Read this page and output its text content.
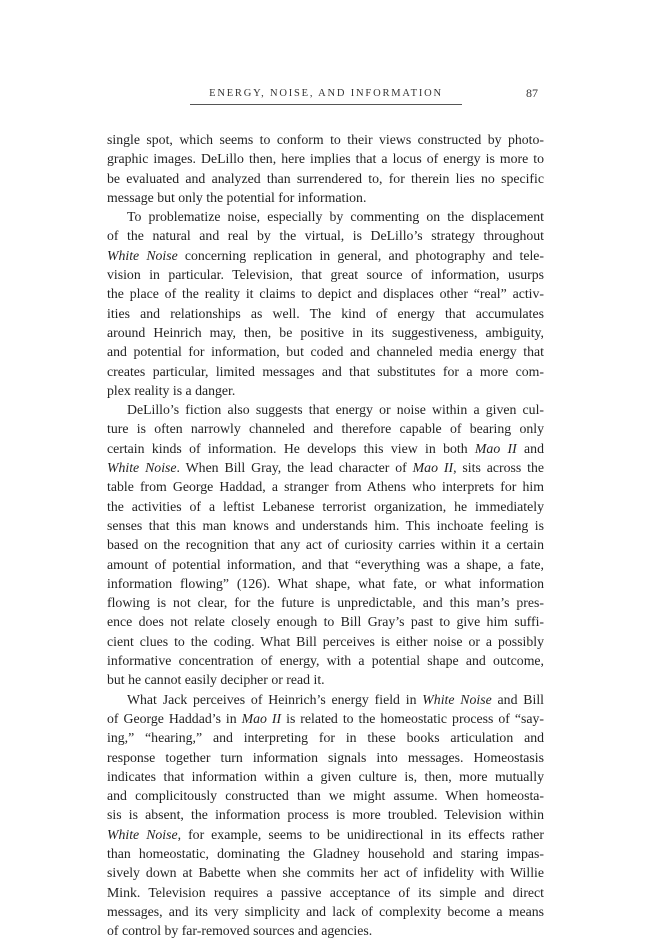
ENERGY, NOISE, AND INFORMATION	87
single spot, which seems to conform to their views constructed by photo-
graphic images. DeLillo then, here implies that a locus of energy is more to
be evaluated and analyzed than surrendered to, for therein lies no specific
message but only the potential for information.
To problematize noise, especially by commenting on the displacement
of the natural and real by the virtual, is DeLillo’s strategy throughout
White Noise concerning replication in general, and photography and tele-
vision in particular. Television, that great source of information, usurps
the place of the reality it claims to depict and displaces other “real” activ-
ities and relationships as well. The kind of energy that accumulates
around Heinrich may, then, be positive in its suggestiveness, ambiguity,
and potential for information, but coded and channeled media energy that
creates particular, limited messages and that substitutes for a more com-
plex reality is a danger.
DeLillo’s fiction also suggests that energy or noise within a given cul-
ture is often narrowly channeled and therefore capable of bearing only
certain kinds of information. He develops this view in both Mao II and
White Noise. When Bill Gray, the lead character of Mao II, sits across the
table from George Haddad, a stranger from Athens who interprets for him
the activities of a leftist Lebanese terrorist organization, he immediately
senses that this man knows and understands him. This inchoate feeling is
based on the recognition that any act of curiosity carries within it a certain
amount of potential information, and that “everything was a shape, a fate,
information flowing” (126). What shape, what fate, or what information
flowing is not clear, for the future is unpredictable, and this man’s pres-
ence does not relate closely enough to Bill Gray’s past to give him suffi-
cient clues to the coding. What Bill perceives is either noise or a possibly
informative concentration of energy, with a potential shape and outcome,
but he cannot easily decipher or read it.
What Jack perceives of Heinrich’s energy field in White Noise and Bill
of George Haddad’s in Mao II is related to the homeostatic process of “say-
ing,” “hearing,” and interpreting for in these books articulation and
response together turn information signals into messages. Homeostasis
indicates that information within a given culture is, then, more mutually
and complicitously constructed than we might assume. When homeosta-
sis is absent, the information process is more troubled. Television within
White Noise, for example, seems to be unidirectional in its effects rather
than homeostatic, dominating the Gladney household and staring impas-
sively down at Babette when she commits her act of infidelity with Willie
Mink. Television requires a passive acceptance of its simple and direct
messages, and its very simplicity and lack of complexity become a means
of control by far-removed sources and agencies.
